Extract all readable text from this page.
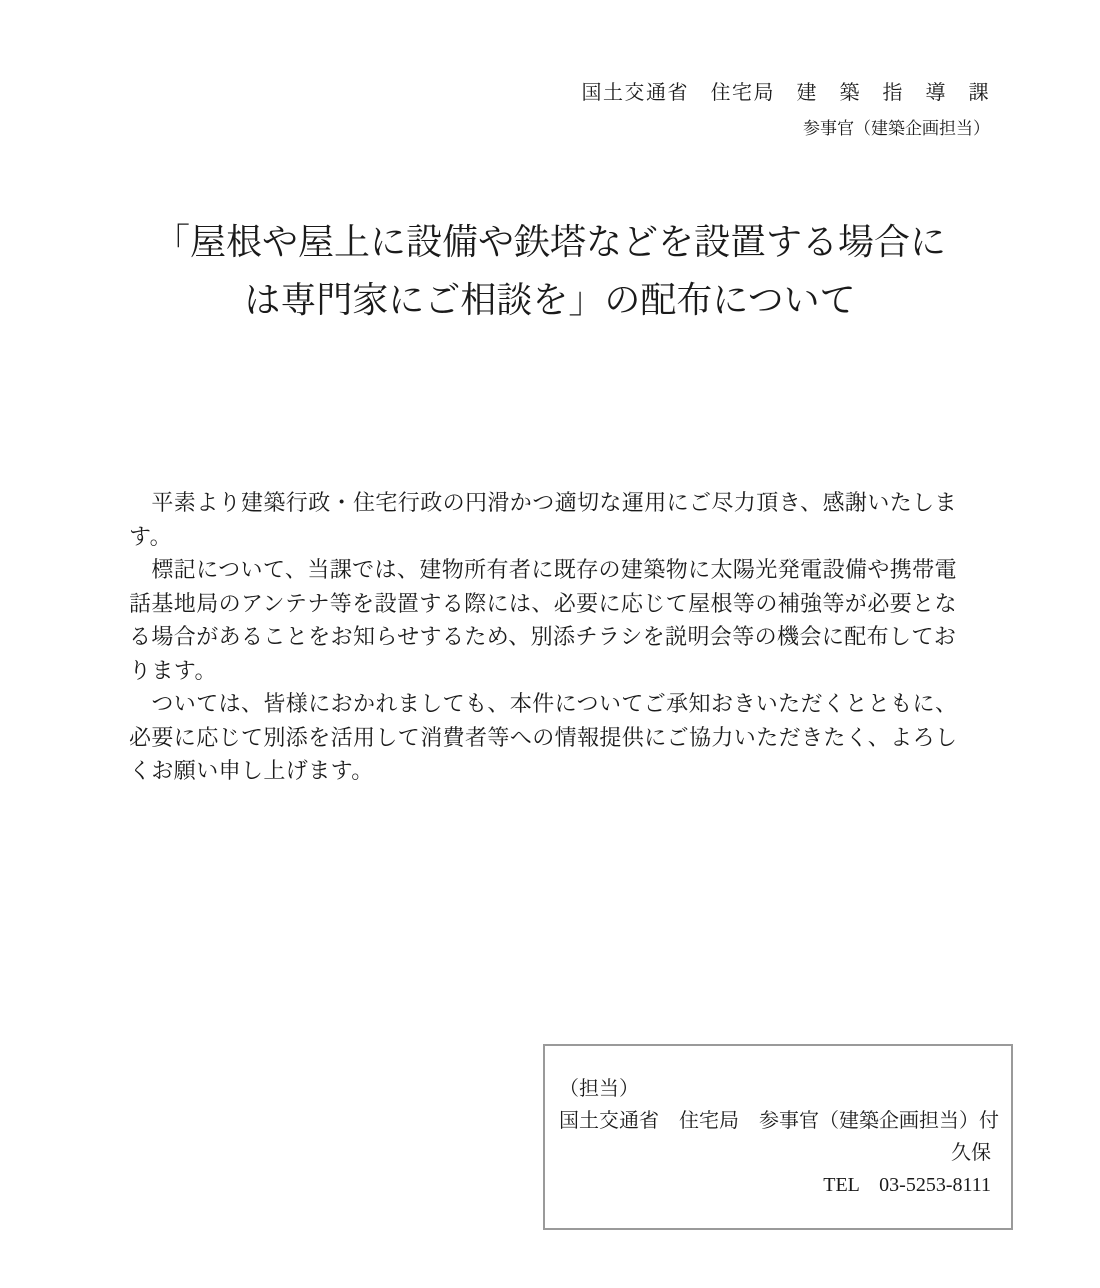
国土交通省　住宅局　建　築　指　導　課
参事官（建築企画担当）
「屋根や屋上に設備や鉄塔などを設置する場合に
は専門家にご相談を」の配布について
　平素より建築行政・住宅行政の円滑かつ適切な運用にご尽力頂き、感謝いたしま
す。
　標記について、当課では、建物所有者に既存の建築物に太陽光発電設備や携帯電
話基地局のアンテナ等を設置する際には、必要に応じて屋根等の補強等が必要とな
る場合があることをお知らせするため、別添チラシを説明会等の機会に配布してお
ります。
　ついては、皆様におかれましても、本件についてご承知おきいただくとともに、
必要に応じて別添を活用して消費者等への情報提供にご協力いただきたく、よろし
くお願い申し上げます。
（担当）
国土交通省　住宅局　参事官（建築企画担当）付
久保
TEL　03-5253-8111
